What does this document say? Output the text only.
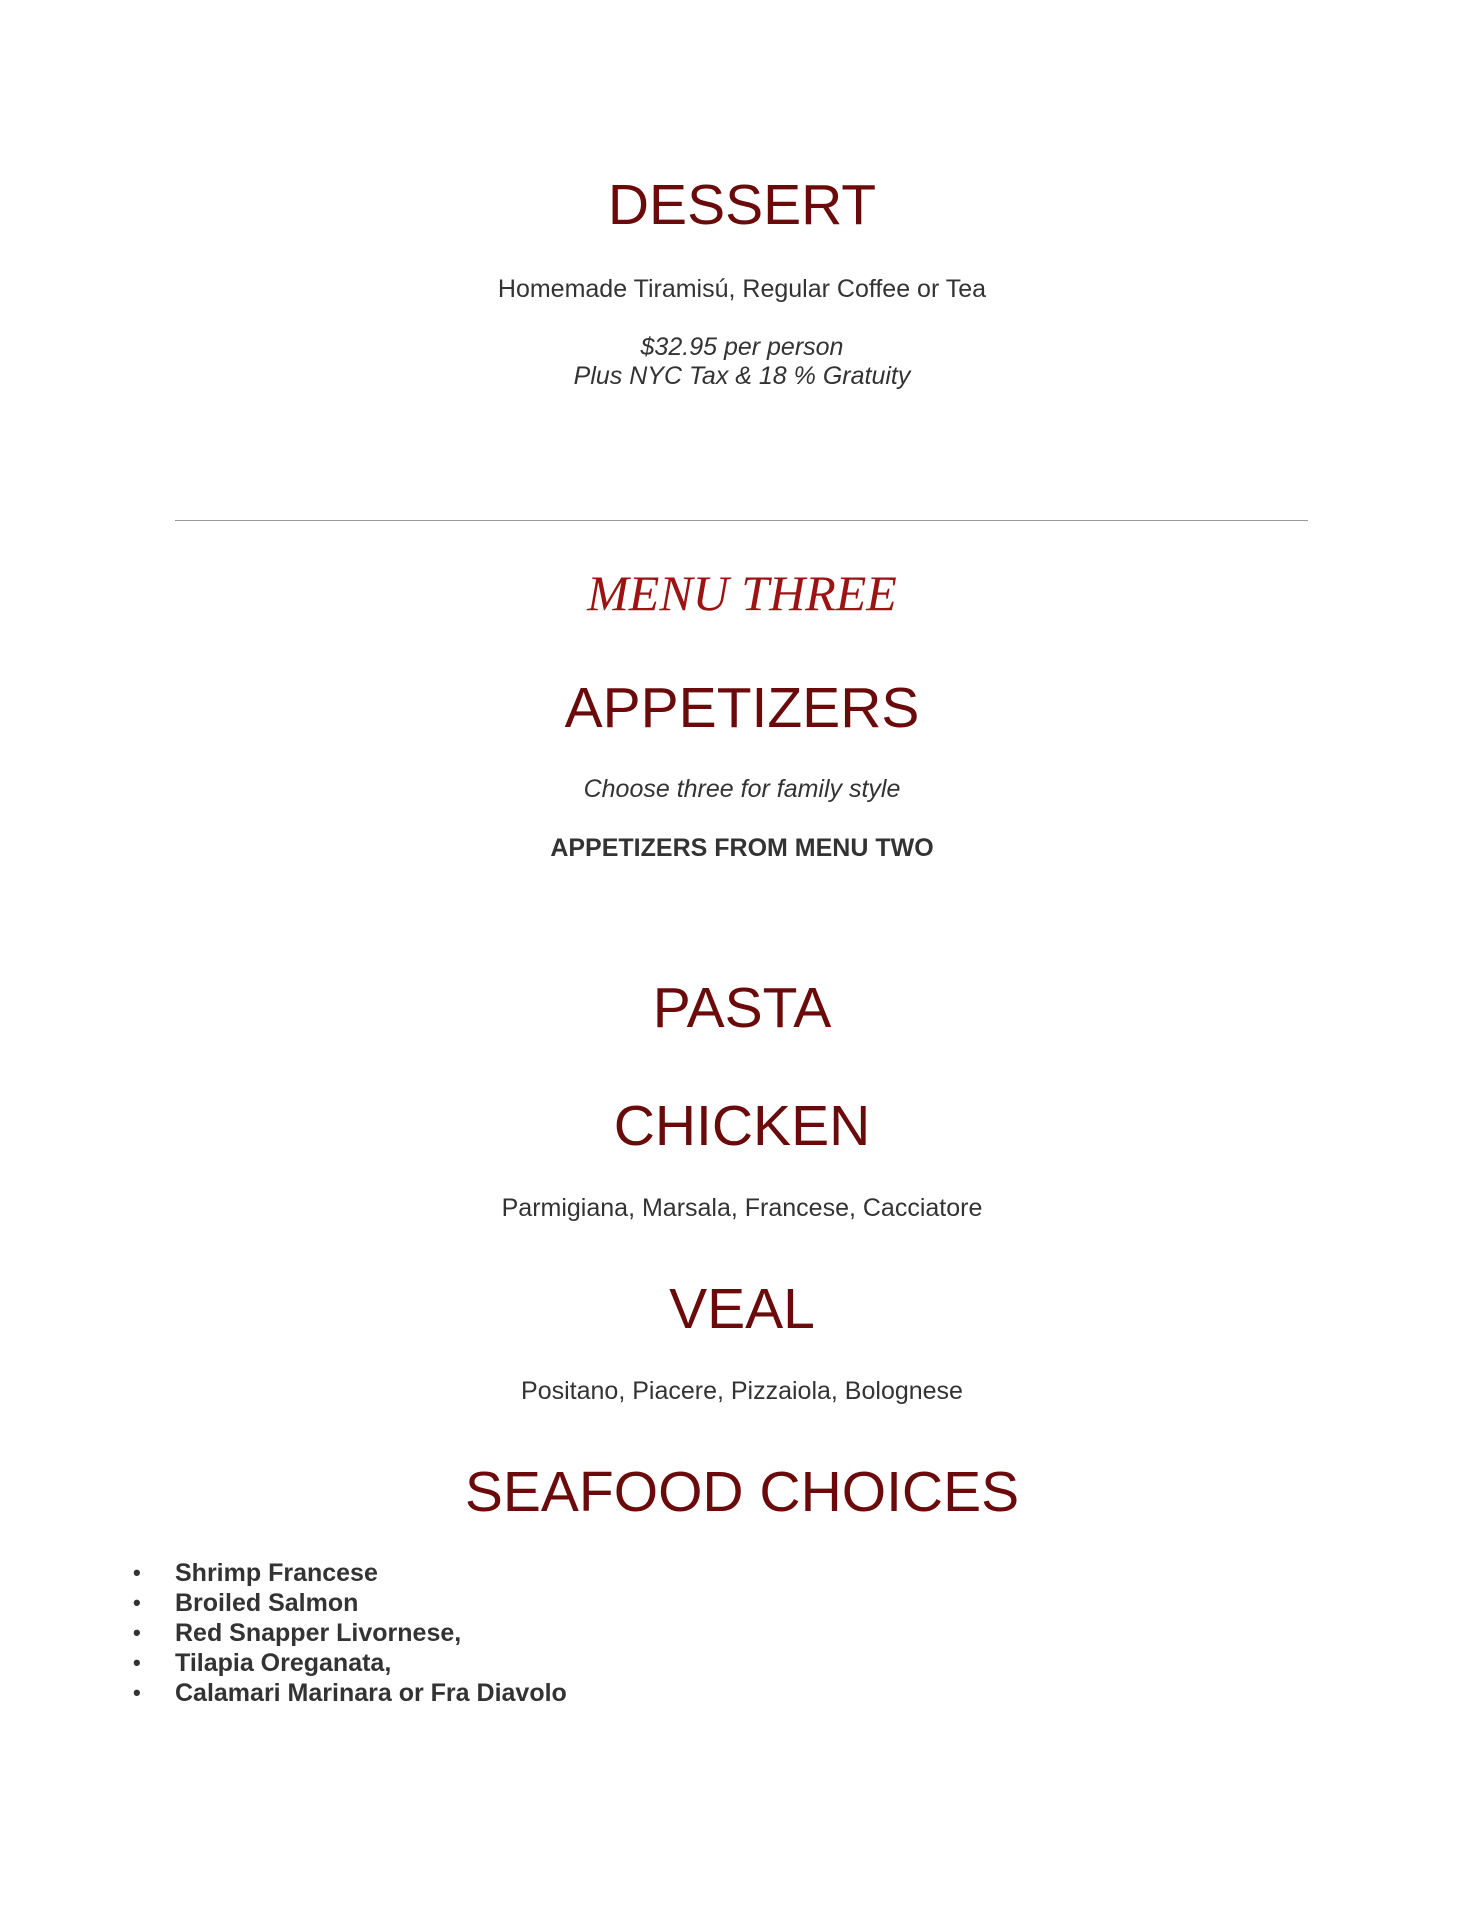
DESSERT
Homemade Tiramisú, Regular Coffee or Tea
$32.95 per person
Plus NYC Tax & 18 % Gratuity
MENU THREE
APPETIZERS
Choose three for family style
APPETIZERS FROM MENU TWO
PASTA
CHICKEN
Parmigiana, Marsala, Francese, Cacciatore
VEAL
Positano, Piacere, Pizzaiola, Bolognese
SEAFOOD CHOICES
• Shrimp Francese
• Broiled Salmon
• Red Snapper Livornese,
• Tilapia Oreganata,
• Calamari Marinara or Fra Diavolo
